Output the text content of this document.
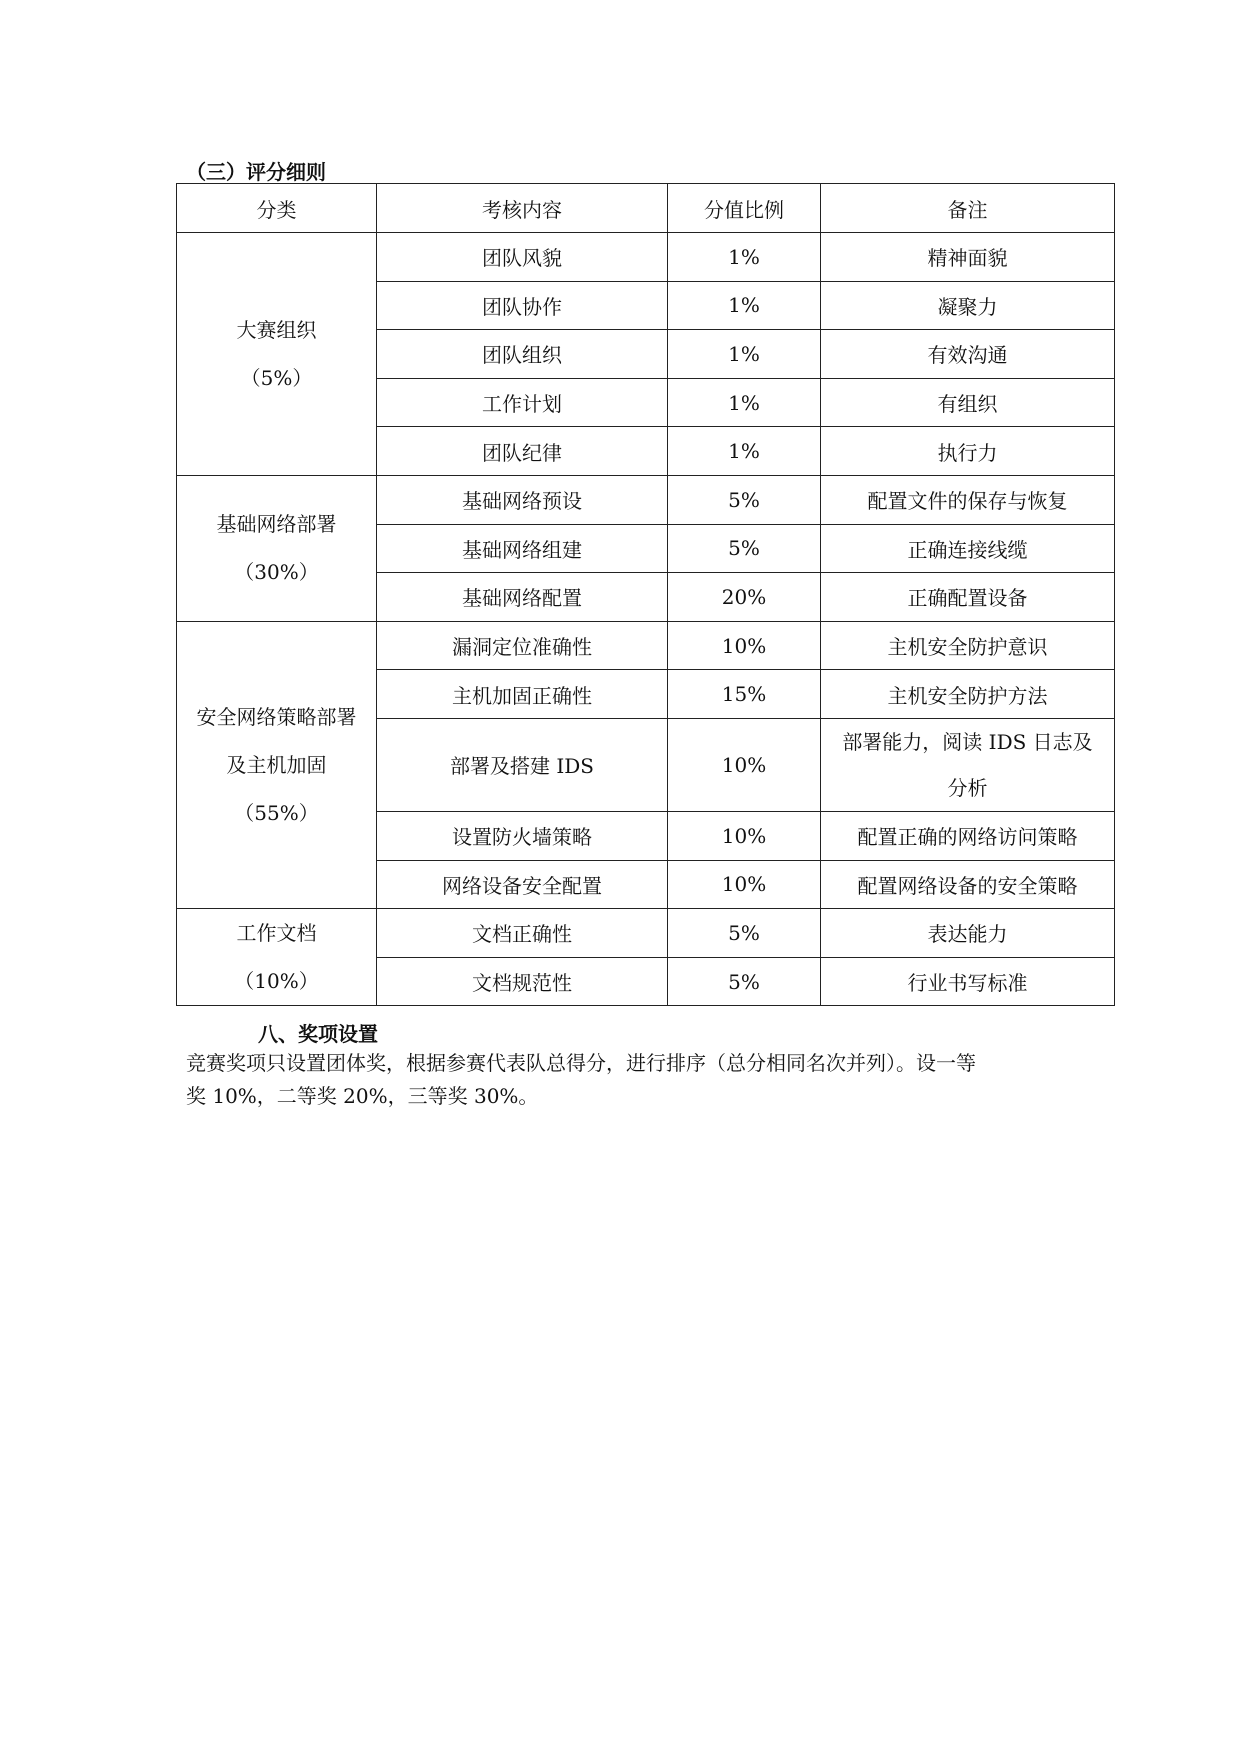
（三）评分细则
分类	考核内容	分值比例	备注

大赛组织
（5%）	团队风貌	1%	精神面貌
	团队协作	1%	凝聚力
	团队组织	1%	有效沟通
	工作计划	1%	有组织
	团队纪律	1%	执行力

基础网络部署
（30%）	基础网络预设	5%	配置文件的保存与恢复
	基础网络组建	5%	正确连接线缆
	基础网络配置	20%	正确配置设备

安全网络策略部署
及主机加固
（55%）	漏洞定位准确性	10%	主机安全防护意识
	主机加固正确性	15%	主机安全防护方法
	部署及搭建 IDS	10%	部署能力，阅读 IDS 日志及
分析

	设置防火墙策略	10%	配置正确的网络访问策略
	网络设备安全配置	10%	配置网络设备的安全策略

工作文档
（10%）	文档正确性	5%	表达能力
	文档规范性	5%	行业书写标准
八、奖项设置
竞赛奖项只设置团体奖，根据参赛代表队总得分，进行排序（总分相同名次并列）。设一等
奖 10%，二等奖 20%，三等奖 30%。
